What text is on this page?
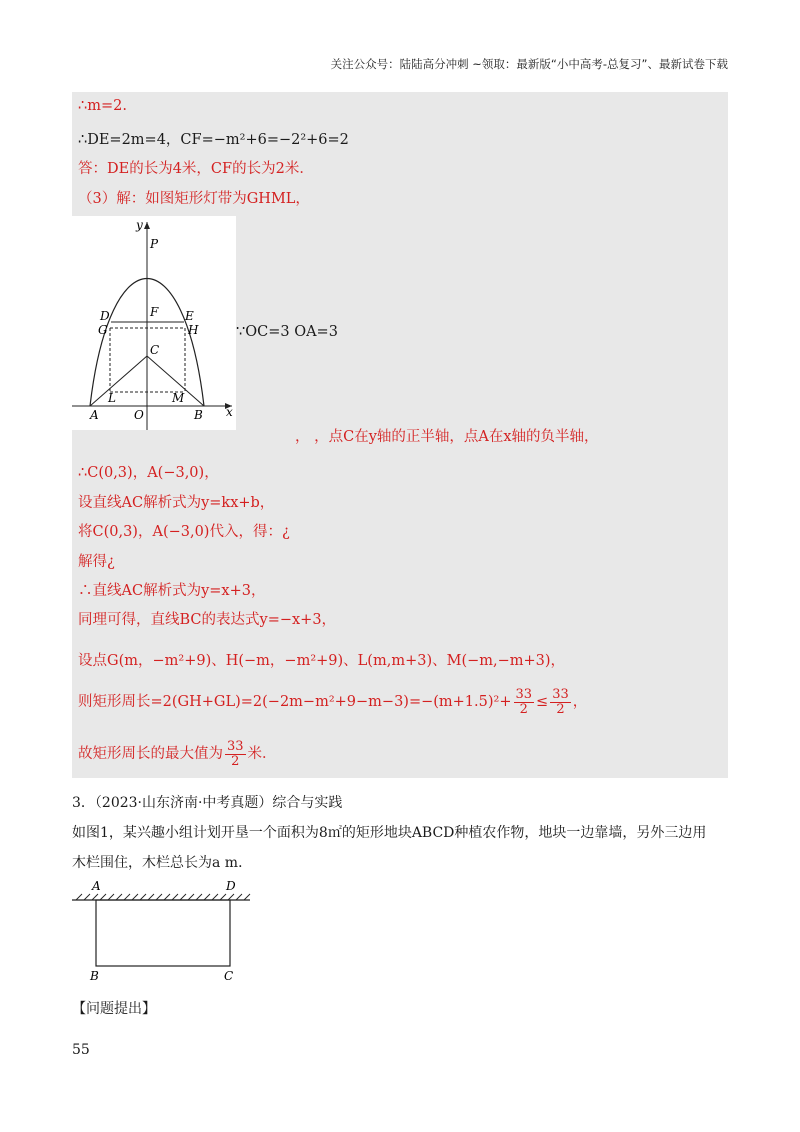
关注公众号：陆陆高分冲刺 ~领取：最新版“小中高考-总复习”、最新试卷下载
∴m=2.
∴DE=2m=4，CF=−m²+6=−2²+6=2
答：DE的长为4米，CF的长为2米．
（3）解：如图矩形灯带为GHML，
y
P
D	F E
G	H
C
L	M
A	O	B x
∵OC=3 OA=3
， ，点C在y轴的正半轴，点A在x轴的负半轴，
∴C(0,3)，A(−3,0)，
设直线AC解析式为y=kx+b，
将C(0,3)，A(−3,0)代入，得：¿
解得¿
∴直线AC解析式为y=x+3，
同理可得，直线BC的表达式y=−x+3，
设点G(m，−m²+9)、H(−m，−m²+9)、L(m,m+3)、M(−m,−m+3)，
则矩形周长$=2(GH+GL)=2(-2m-m^2+9-m-3)=-(m+1.5)^2+ \frac{33}{2} \le \frac{33}{2}$ ，
故矩形周长的最大值为 $\frac{33}{2}$ 米．
3．（2023·山东济南·中考真题）综合与实践
如图1，某兴趣小组计划开垦一个面积为8㎡的矩形地块ABCD种植农作物，地块一边靠墙，另外三边用
木栏围住，木栏总长为a m．
A	D
B	C
【问题提出】
55
